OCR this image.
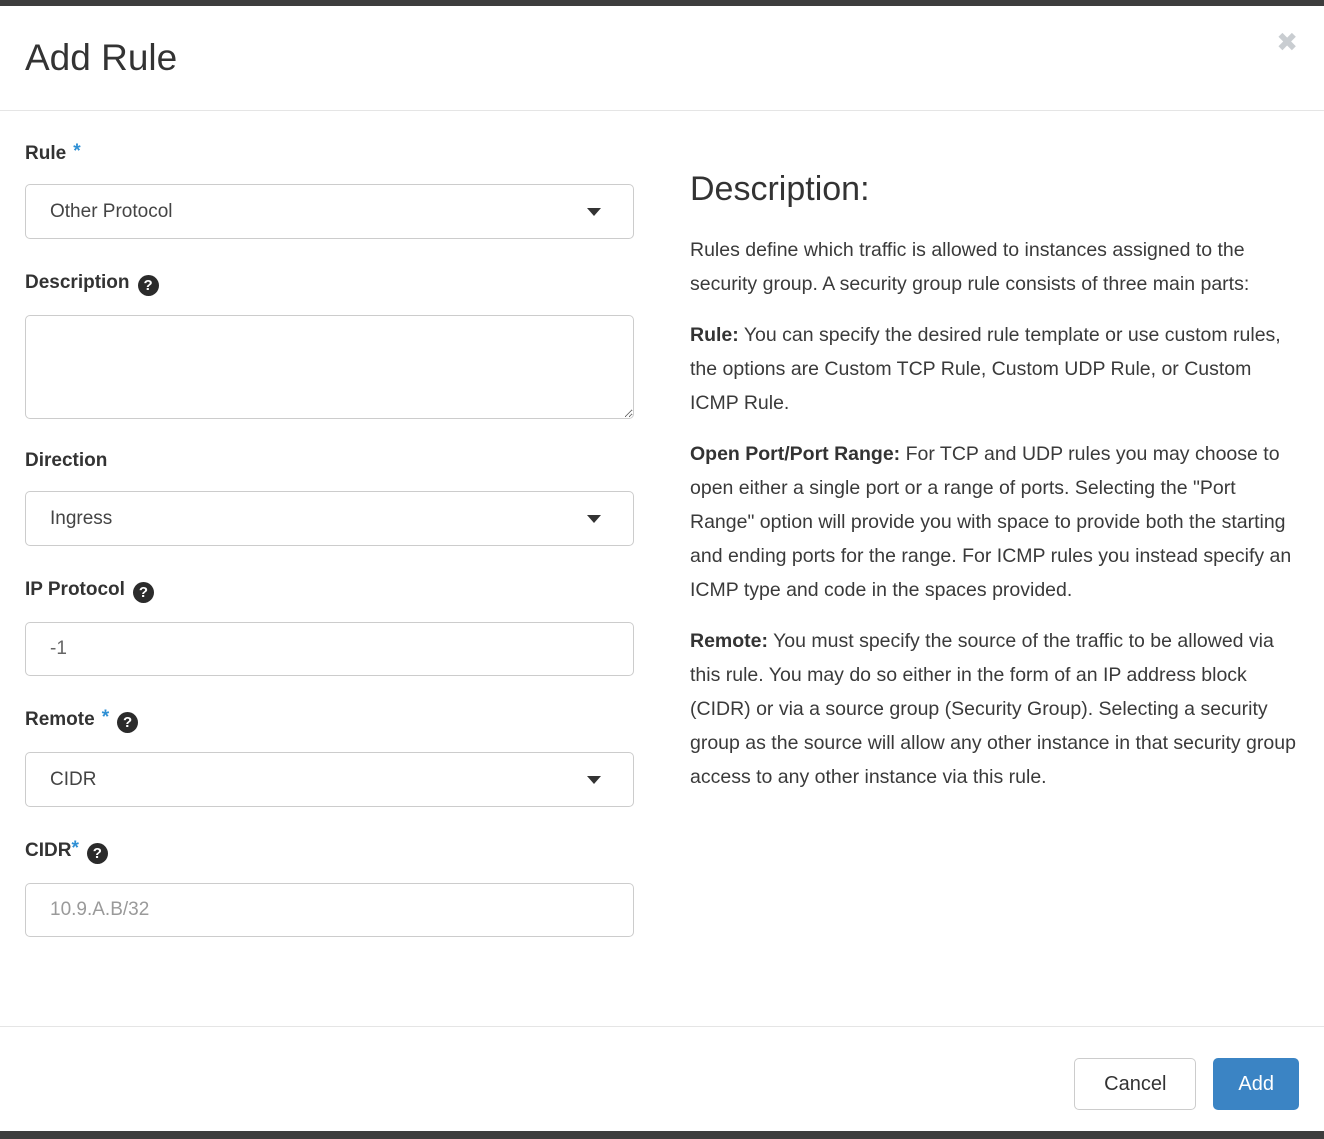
Add Rule	✖
Rule *
Other Protocol
Description ?
Direction
Ingress
IP Protocol ?
-1
Remote * ?
CIDR
CIDR* ?
10.9.A.B/32
Description:

Rules define which traffic is allowed to instances assigned to the security group. A security group rule consists of three main parts:

Rule: You can specify the desired rule template or use custom rules, the options are Custom TCP Rule, Custom UDP Rule, or Custom ICMP Rule.

Open Port/Port Range: For TCP and UDP rules you may choose to open either a single port or a range of ports. Selecting the "Port Range" option will provide you with space to provide both the starting and ending ports for the range. For ICMP rules you instead specify an ICMP type and code in the spaces provided.

Remote: You must specify the source of the traffic to be allowed via this rule. You may do so either in the form of an IP address block (CIDR) or via a source group (Security Group). Selecting a security group as the source will allow any other instance in that security group access to any other instance via this rule.

Cancel	Add
